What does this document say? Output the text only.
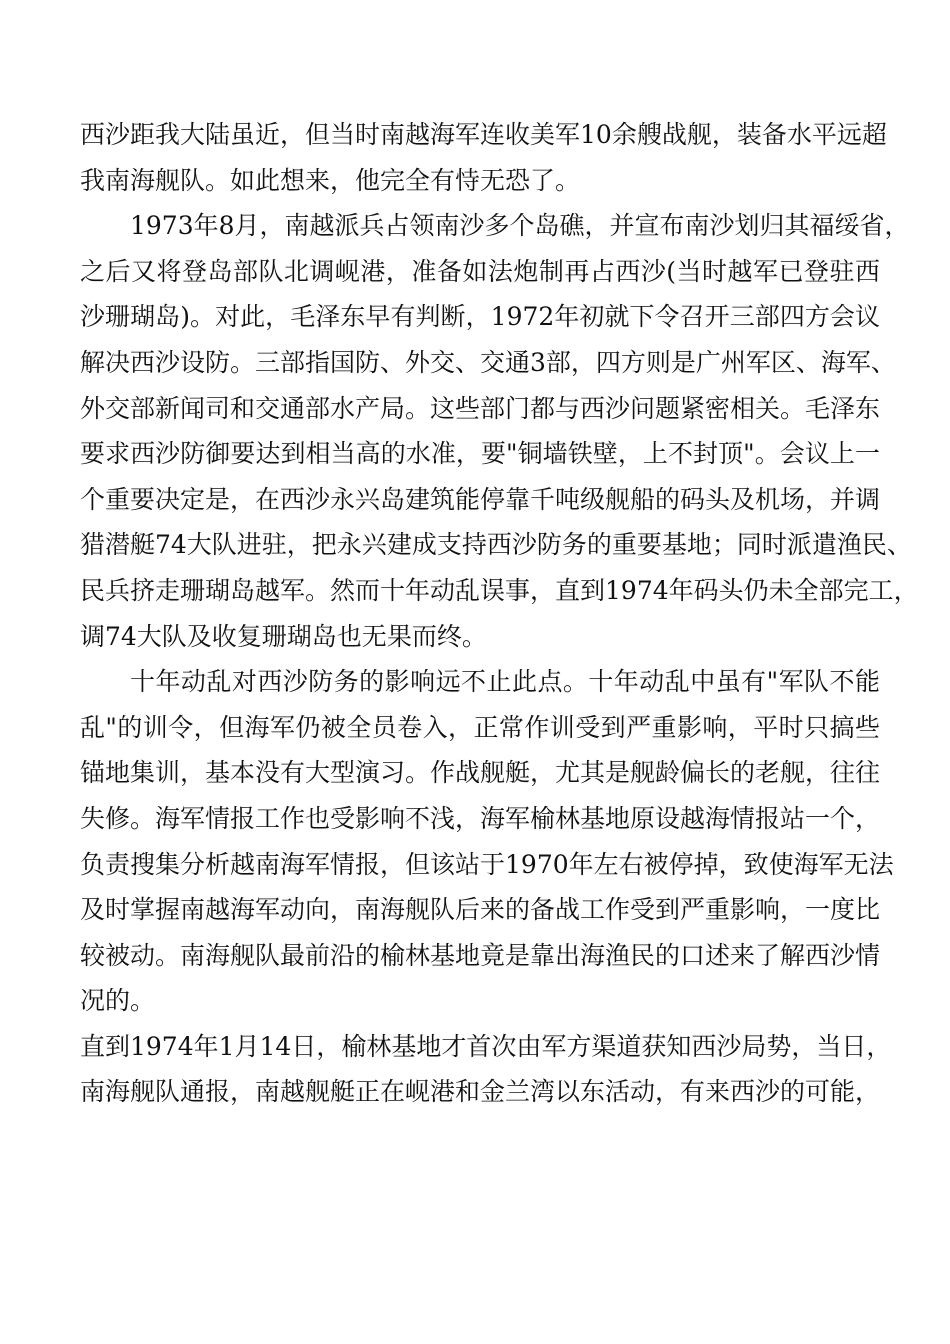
西沙距我大陆虽近，但当时南越海军连收美军10余艘战舰，装备水平远超
我南海舰队。如此想来，他完全有恃无恐了。
1973年8月，南越派兵占领南沙多个岛礁，并宣布南沙划归其福绥省，
之后又将登岛部队北调岘港，准备如法炮制再占西沙(当时越军已登驻西
沙珊瑚岛)。对此，毛泽东早有判断，1972年初就下令召开三部四方会议
解决西沙设防。三部指国防、外交、交通3部，四方则是广州军区、海军、
外交部新闻司和交通部水产局。这些部门都与西沙问题紧密相关。毛泽东
要求西沙防御要达到相当高的水准，要"铜墙铁壁，上不封顶"。会议上一
个重要决定是，在西沙永兴岛建筑能停靠千吨级舰船的码头及机场，并调
猎潜艇74大队进驻，把永兴建成支持西沙防务的重要基地；同时派遣渔民、
民兵挤走珊瑚岛越军。然而十年动乱误事，直到1974年码头仍未全部完工，
调74大队及收复珊瑚岛也无果而终。
十年动乱对西沙防务的影响远不止此点。十年动乱中虽有"军队不能
乱"的训令，但海军仍被全员卷入，正常作训受到严重影响，平时只搞些
锚地集训，基本没有大型演习。作战舰艇，尤其是舰龄偏长的老舰，往往
失修。海军情报工作也受影响不浅，海军榆林基地原设越海情报站一个，
负责搜集分析越南海军情报，但该站于1970年左右被停掉，致使海军无法
及时掌握南越海军动向，南海舰队后来的备战工作受到严重影响，一度比
较被动。南海舰队最前沿的榆林基地竟是靠出海渔民的口述来了解西沙情
况的。
直到1974年1月14日，榆林基地才首次由军方渠道获知西沙局势，当日，
南海舰队通报，南越舰艇正在岘港和金兰湾以东活动，有来西沙的可能，
